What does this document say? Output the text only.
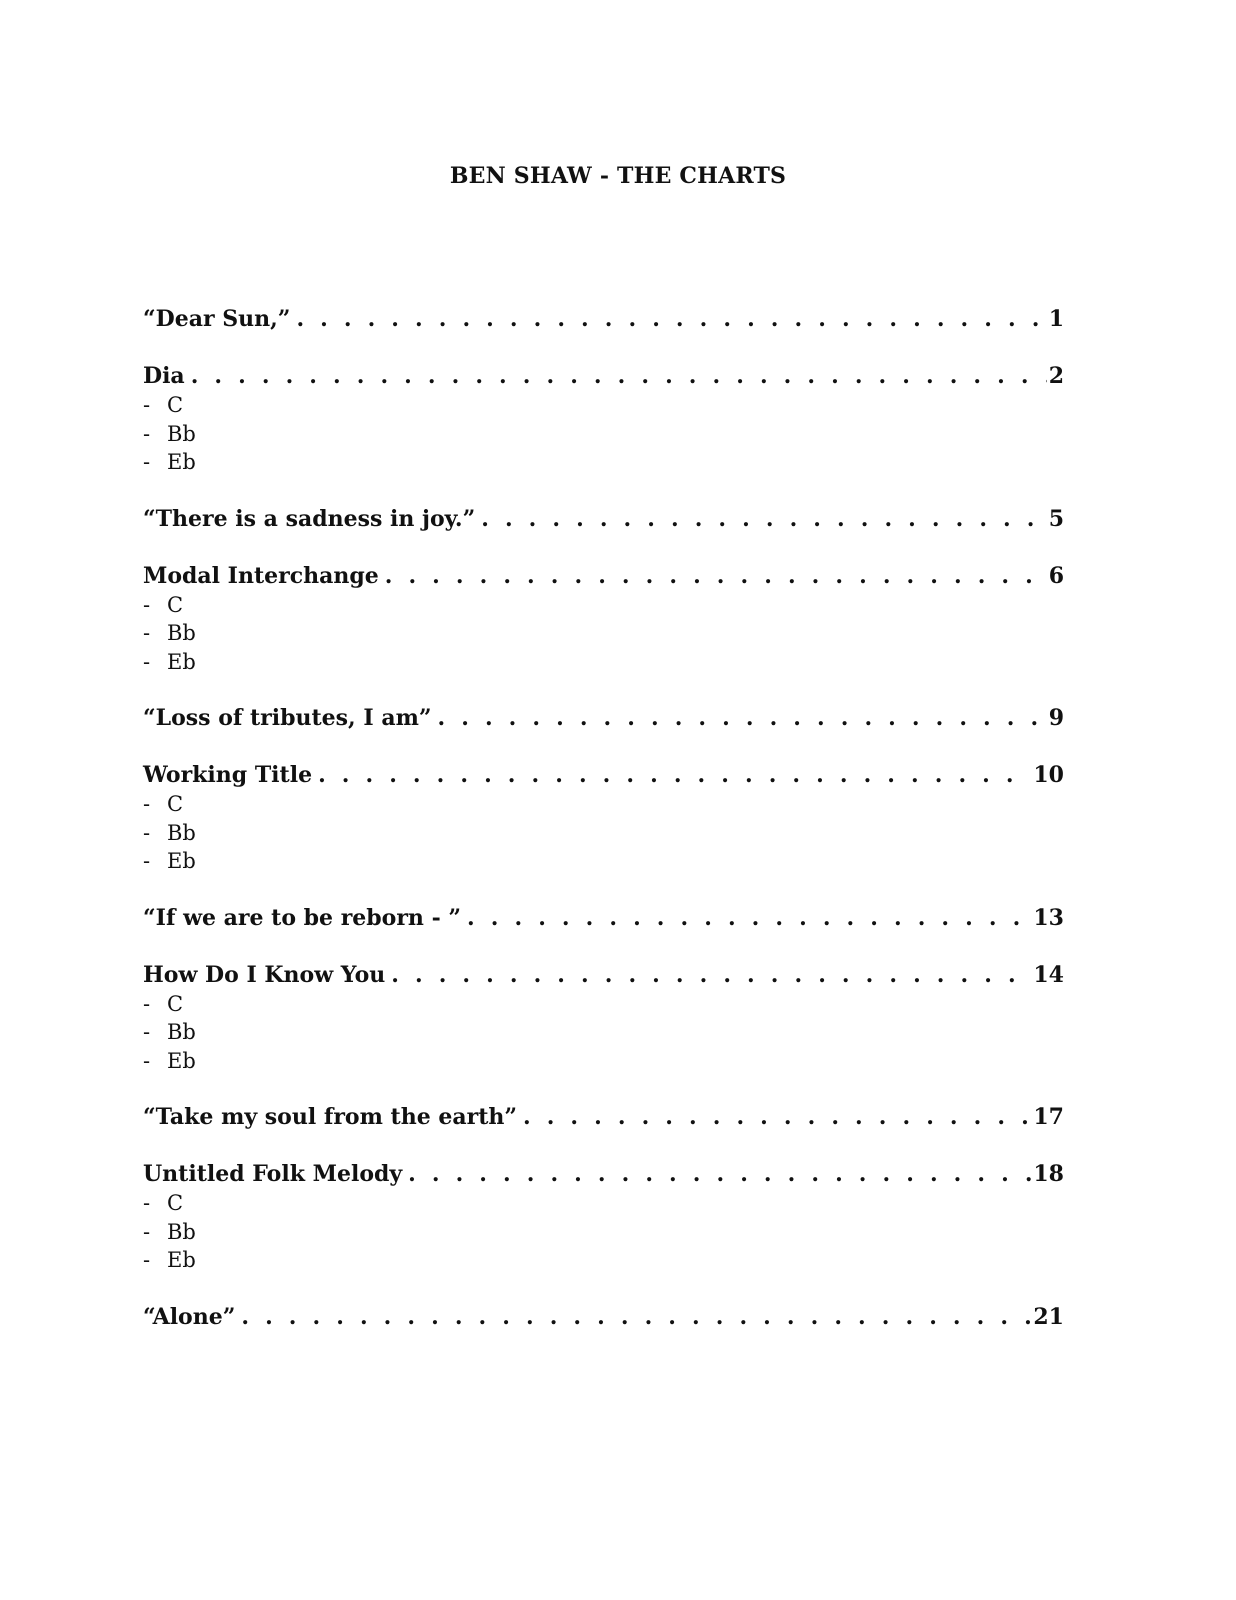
BEN SHAW - THE CHARTS
“Dear Sun,” . . .	1
Dia . . .	2
- C
- Bb
- Eb
“There is a sadness in joy.” . . .	5
Modal Interchange . . .	6
- C
- Bb
- Eb
“Loss of tributes, I am” . . .	9
Working Title . . .	10
- C
- Bb
- Eb
“If we are to be reborn - ” . . .	13
How Do I Know You . . .	14
- C
- Bb
- Eb
“Take my soul from the earth” . . .	17
Untitled Folk Melody . . .	18
- C
- Bb
- Eb
“Alone” . . .	21
